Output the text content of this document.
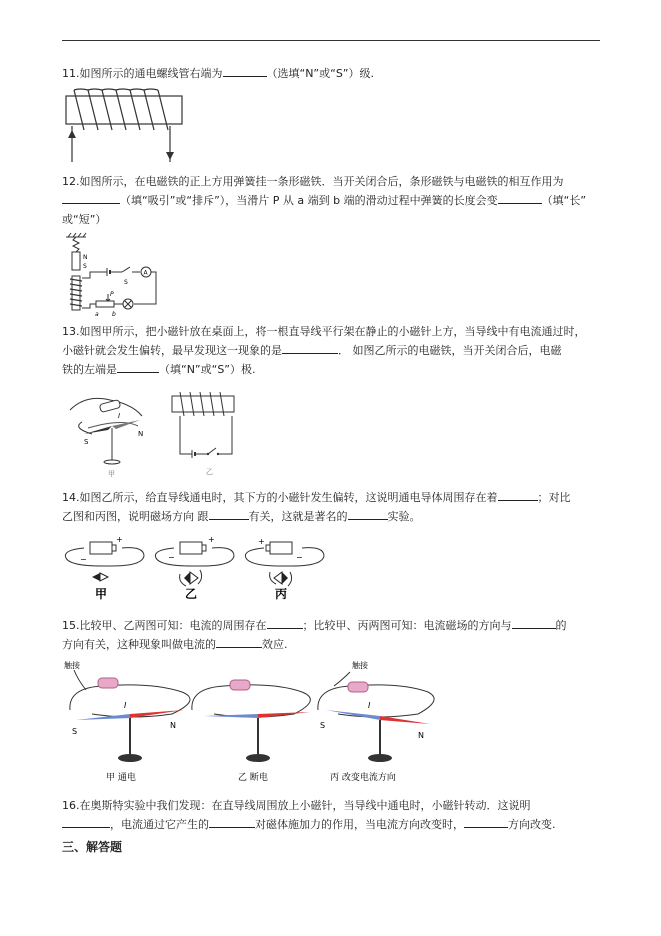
11.如图所示的通电螺线管右端为	（选填“N”或“S”）级.
12.如图所示，在电磁铁的正上方用弹簧挂一条形磁铁．当开关闭合后，条形磁铁与电磁铁的相互作用为
（填“吸引”或“排斥”），当滑片 P 从 a 端到 b 端的滑动过程中弹簧的长度会变	（填“长”
或“短”）
N
S
S
A
P
a b
13.如图甲所示，把小磁针放在桌面上，将一根直导线平行架在静止的小磁针上方，当导线中有电流通过时，
小磁针就会发生偏转，最早发现这一现象的是	． 如图乙所示的电磁铁，当开关闭合后，电磁
铁的左端是	（填“N”或“S”）极.
I
S
N
甲	乙
14.如图乙所示，给直导线通电时，其下方的小磁针发生偏转，这说明通电导体周围存在着	；对比
乙图和丙图，说明磁场方向 跟	有关，这就是著名的	实验。
+
−
甲
−
+
乙
+
−
丙
15.比较甲、乙两图可知：电流的周围存在	；比较甲、丙两图可知：电流磁场的方向与	的
方向有关，这种现象叫做电流的	效应.
触接
I
S
N
甲 通电	乙 断电
触接
I
S
N
丙 改变电流方向
16.在奥斯特实验中我们发现：在直导线周围放上小磁针，当导线中通电时，小磁针转动．这说明
，电流通过它产生的	对磁体施加力的作用，当电流方向改变时，	方向改变.
三、解答题
